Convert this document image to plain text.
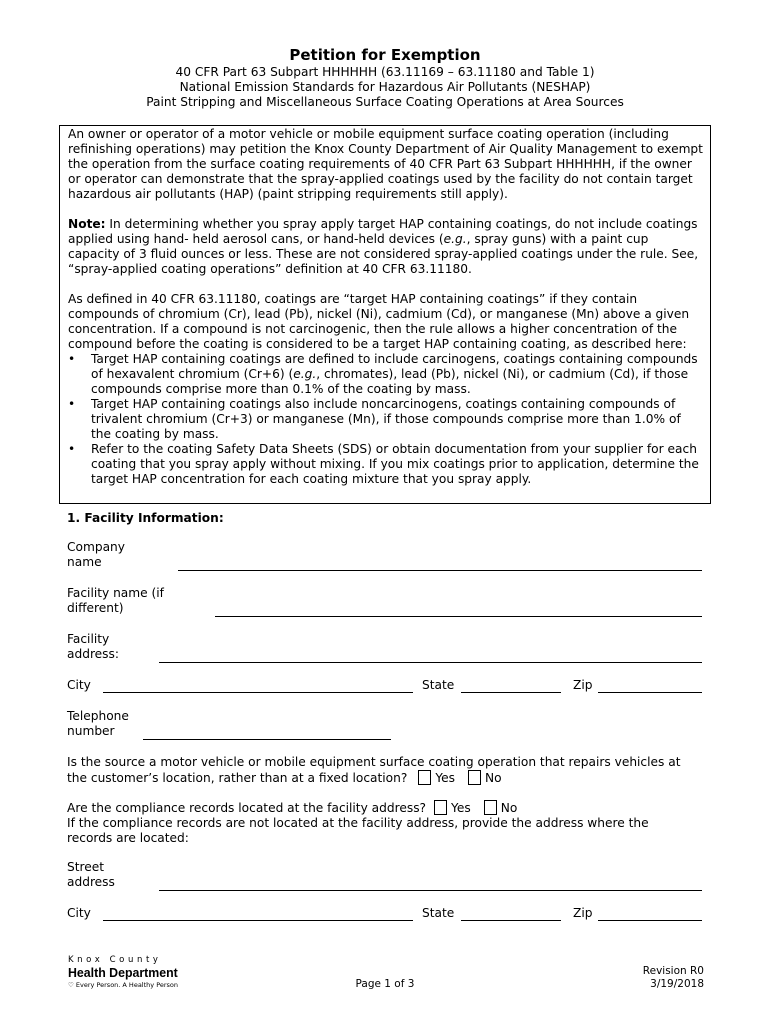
Petition for Exemption
40 CFR Part 63 Subpart HHHHHH (63.11169 – 63.11180 and Table 1)
National Emission Standards for Hazardous Air Pollutants (NESHAP)
Paint Stripping and Miscellaneous Surface Coating Operations at Area Sources

An owner or operator of a motor vehicle or mobile equipment surface coating operation (including refinishing operations) may petition the Knox County Department of Air Quality Management to exempt the operation from the surface coating requirements of 40 CFR Part 63 Subpart HHHHHH, if the owner or operator can demonstrate that the spray-applied coatings used by the facility do not contain target hazardous air pollutants (HAP) (paint stripping requirements still apply).

Note: In determining whether you spray apply target HAP containing coatings, do not include coatings applied using hand- held aerosol cans, or hand-held devices (e.g., spray guns) with a paint cup capacity of 3 fluid ounces or less. These are not considered spray-applied coatings under the rule. See, “spray-applied coating operations” definition at 40 CFR 63.11180.

As defined in 40 CFR 63.11180, coatings are “target HAP containing coatings” if they contain compounds of chromium (Cr), lead (Pb), nickel (Ni), cadmium (Cd), or manganese (Mn) above a given concentration. If a compound is not carcinogenic, then the rule allows a higher concentration of the compound before the coating is considered to be a target HAP containing coating, as described here:

• Target HAP containing coatings are defined to include carcinogens, coatings containing compounds of hexavalent chromium (Cr+6) (e.g., chromates), lead (Pb), nickel (Ni), or cadmium (Cd), if those compounds comprise more than 0.1% of the coating by mass.
• Target HAP containing coatings also include noncarcinogens, coatings containing compounds of trivalent chromium (Cr+3) or manganese (Mn), if those compounds comprise more than 1.0% of the coating by mass.
• Refer to the coating Safety Data Sheets (SDS) or obtain documentation from your supplier for each coating that you spray apply without mixing. If you mix coatings prior to application, determine the target HAP concentration for each coating mixture that you spray apply.
1. Facility Information:
Company
name
Facility name (if
different)
Facility
address:
City	State	Zip
Telephone
number
Is the source a motor vehicle or mobile equipment surface coating operation that repairs vehicles at
the customer’s location, rather than at a fixed location? Yes No
Are the compliance records located at the facility address? Yes No
If the compliance records are not located at the facility address, provide the address where the
records are located:
Street
address
City	State	Zip
Knox County
Health Department
♡ Every Person. A Healthy Person	Page 1 of 3
Revision R0
3/19/2018
